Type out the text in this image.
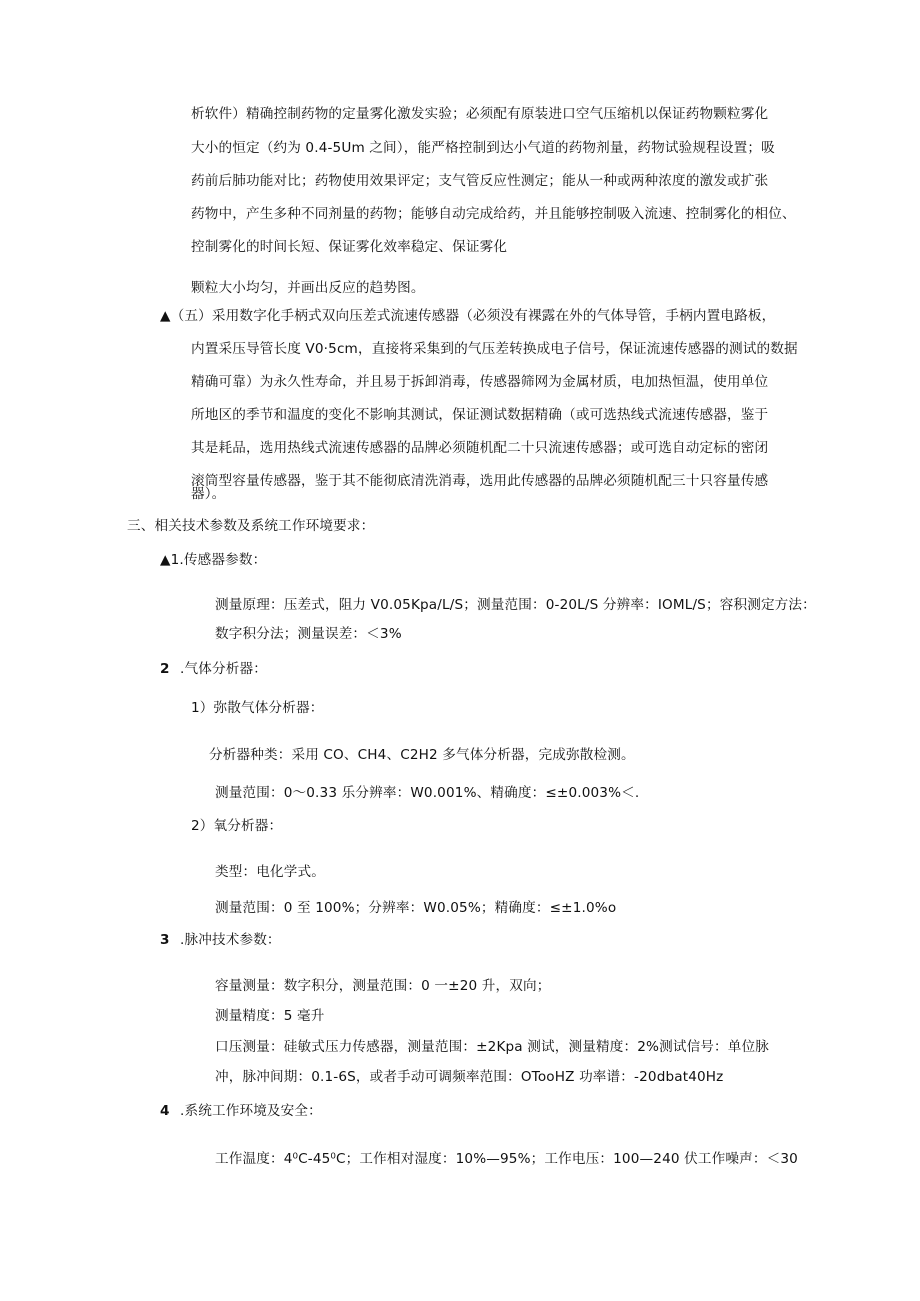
析软件）精确控制药物的定量雾化激发实验；必须配有原装进口空气压缩机以保证药物颗粒雾化
大小的恒定（约为 0.4-5Um 之间），能严格控制到达小气道的药物剂量，药物试验规程设置；吸
药前后肺功能对比；药物使用效果评定；支气管反应性测定；能从一种或两种浓度的激发或扩张
药物中，产生多种不同剂量的药物；能够自动完成给药，并且能够控制吸入流速、控制雾化的相位、
控制雾化的时间长短、保证雾化效率稳定、保证雾化
颗粒大小均匀，并画出反应的趋势图。
▲（五）采用数字化手柄式双向压差式流速传感器（必须没有裸露在外的气体导管，手柄内置电路板，
内置采压导管长度 V0·5cm，直接将采集到的气压差转换成电子信号，保证流速传感器的测试的数据
精确可靠）为永久性寿命，并且易于拆卸消毒，传感器筛网为金属材质，电加热恒温，使用单位
所地区的季节和温度的变化不影响其测试，保证测试数据精确（或可选热线式流速传感器，鉴于
其是耗品，选用热线式流速传感器的品牌必须随机配二十只流速传感器；或可选自动定标的密闭
滚筒型容量传感器，鉴于其不能彻底清洗消毒，选用此传感器的品牌必须随机配三十只容量传感
器）。
三、相关技术参数及系统工作环境要求：
▲1.传感器参数：
测量原理：压差式，阻力 V0.05Kpa/L/S；测量范围：0-20L/S 分辨率：IOML/S；容积测定方法：
数字积分法；测量误差：＜3%
2 .气体分析器：
1）弥散气体分析器：
分析器种类：采用 CO、CH4、C2H2 多气体分析器，完成弥散检测。
测量范围：0～0.33 乐分辨率：W0.001%、精确度：≤±0.003%＜.
2）氧分析器：
类型：电化学式。
测量范围：0 至 100%；分辨率：W0.05%；精确度：≤±1.0%o
3 .脉冲技术参数：
容量测量：数字积分，测量范围：0 一±20 升，双向；
测量精度：5 毫升
口压测量：硅敏式压力传感器，测量范围：±2Kpa 测试，测量精度：2%测试信号：单位脉
冲，脉冲间期：0.1-6S，或者手动可调频率范围：OTooHZ 功率谱：-20dbat40Hz
4 .系统工作环境及安全：
工作温度：4⁰C-45⁰C；工作相对湿度：10%—95%；工作电压：100—240 伏工作噪声：＜30
